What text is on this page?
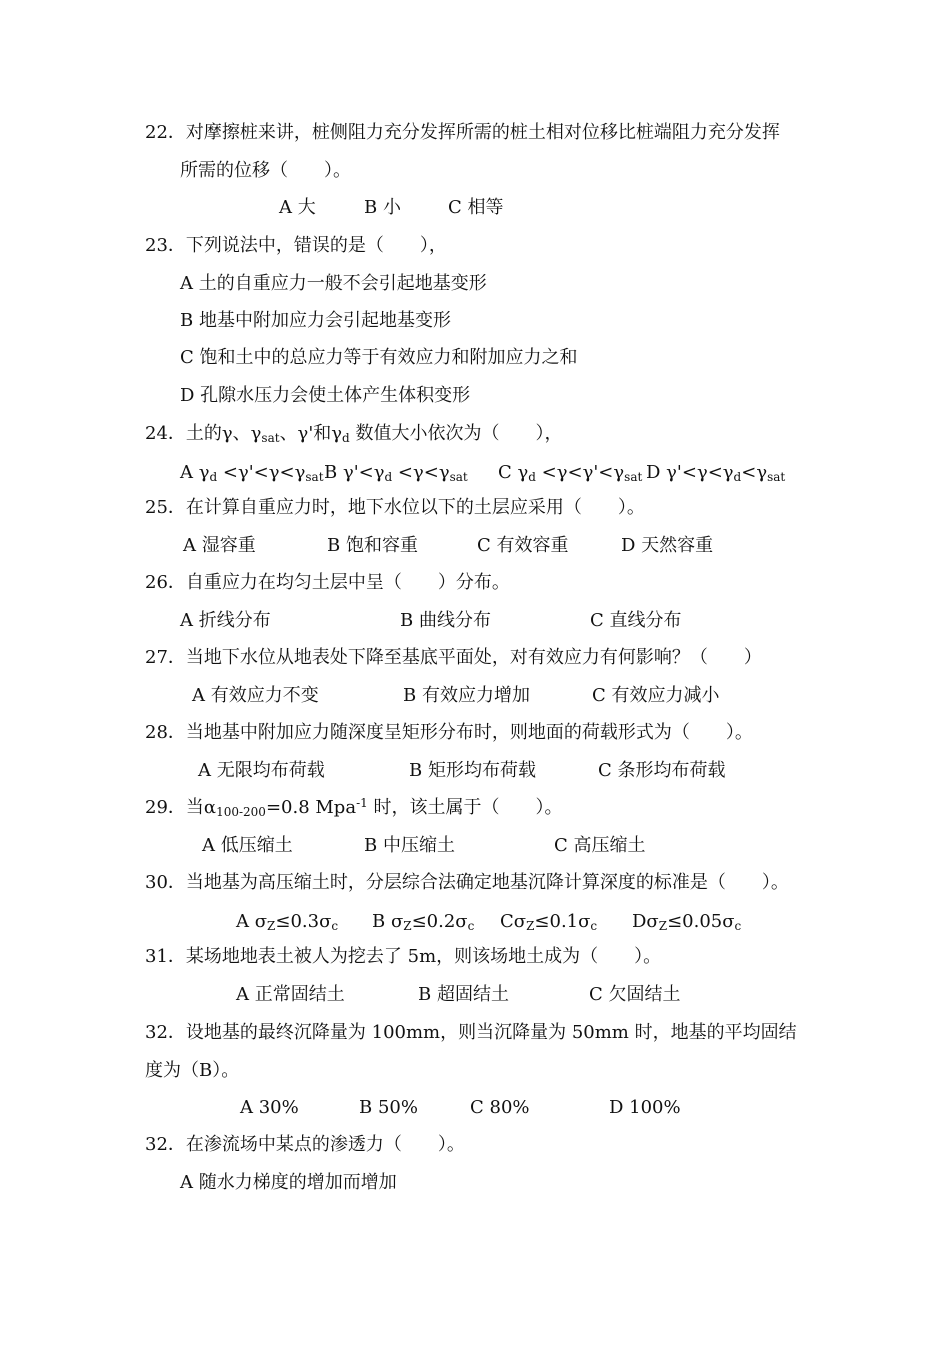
22．对摩擦桩来讲，桩侧阻力充分发挥所需的桩土相对位移比桩端阻力充分发挥
所需的位移（　　）。
A 大	B 小	C 相等
23．下列说法中，错误的是（　　），
A 土的自重应力一般不会引起地基变形
B 地基中附加应力会引起地基变形
C 饱和土中的总应力等于有效应力和附加应力之和
D 孔隙水压力会使土体产生体积变形
24．土的γ、$\gamma_{sat}$、γ'和$\gamma_d$ 数值大小依次为（　　），
A $\gamma_d <\gamma'<\gamma<\gamma_{sat}$ B $\gamma'<\gamma_d <\gamma<\gamma_{sat}$ C $\gamma_d <\gamma<\gamma'<\gamma_{sat}$ D $\gamma'<\gamma<\gamma_d<\gamma_{sat}$
25．在计算自重应力时，地下水位以下的土层应采用（　　）。
A 湿容重	B 饱和容重	C 有效容重	D 天然容重
26．自重应力在均匀土层中呈（　　）分布。
A 折线分布	B 曲线分布	C 直线分布
27．当地下水位从地表处下降至基底平面处，对有效应力有何影响？（　　）
A 有效应力不变	B 有效应力增加	C 有效应力减小
28．当地基中附加应力随深度呈矩形分布时，则地面的荷载形式为（　　）。
A 无限均布荷载	B 矩形均布荷载	C 条形均布荷载
29．当$\alpha_{100-200}=0.8$ Mpa$^{-1}$ 时，该土属于（　　）。
A 低压缩土	B 中压缩土	C 高压缩土
30．当地基为高压缩土时，分层综合法确定地基沉降计算深度的标准是（　　）。
A $\sigma_Z\le 0.3\sigma_c$ B $\sigma_Z\le 0.2\sigma_c$ $C\sigma_Z\le 0.1\sigma_c$ $D\sigma_Z\le 0.05\sigma_c$
31．某场地地表土被人为挖去了 5m，则该场地土成为（　　）。
A 正常固结土	B 超固结土	C 欠固结土
32．设地基的最终沉降量为 100mm，则当沉降量为 50mm 时，地基的平均固结
度为（B）。
A 30%	B 50%	C 80%	D 100%
32．在渗流场中某点的渗透力（　　）。
A 随水力梯度的增加而增加
